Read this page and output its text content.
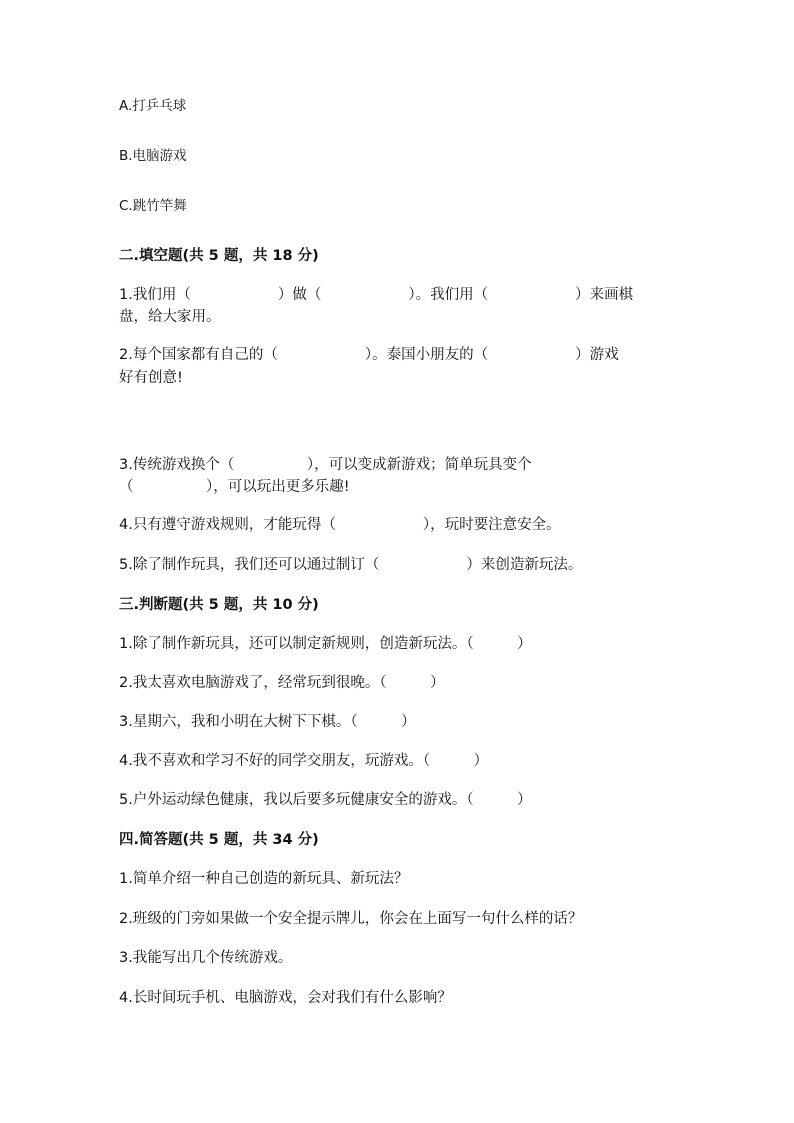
A.打乒乓球
B.电脑游戏
C.跳竹竿舞
二.填空题(共 5 题，共 18 分)
1.我们用（　　　　　　）做（　　　　　　）。我们用（　　　　　　）来画棋
盘，给大家用。
2.每个国家都有自己的（　　　　　　）。泰国小朋友的（　　　　　　）游戏
好有创意!
3.传统游戏换个（　　　　　），可以变成新游戏；简单玩具变个
（　　　　　），可以玩出更多乐趣!
4.只有遵守游戏规则，才能玩得（　　　　　　），玩时要注意安全。
5.除了制作玩具，我们还可以通过制订（　　　　　　）来创造新玩法。
三.判断题(共 5 题，共 10 分)
1.除了制作新玩具，还可以制定新规则，创造新玩法。（　　　）
2.我太喜欢电脑游戏了，经常玩到很晚。（　　　）
3.星期六，我和小明在大树下下棋。（　　　）
4.我不喜欢和学习不好的同学交朋友，玩游戏。（　　　）
5.户外运动绿色健康，我以后要多玩健康安全的游戏。（　　　）
四.简答题(共 5 题，共 34 分)
1.简单介绍一种自己创造的新玩具、新玩法？
2.班级的门旁如果做一个安全提示牌儿，你会在上面写一句什么样的话？
3.我能写出几个传统游戏。
4.长时间玩手机、电脑游戏，会对我们有什么影响？
